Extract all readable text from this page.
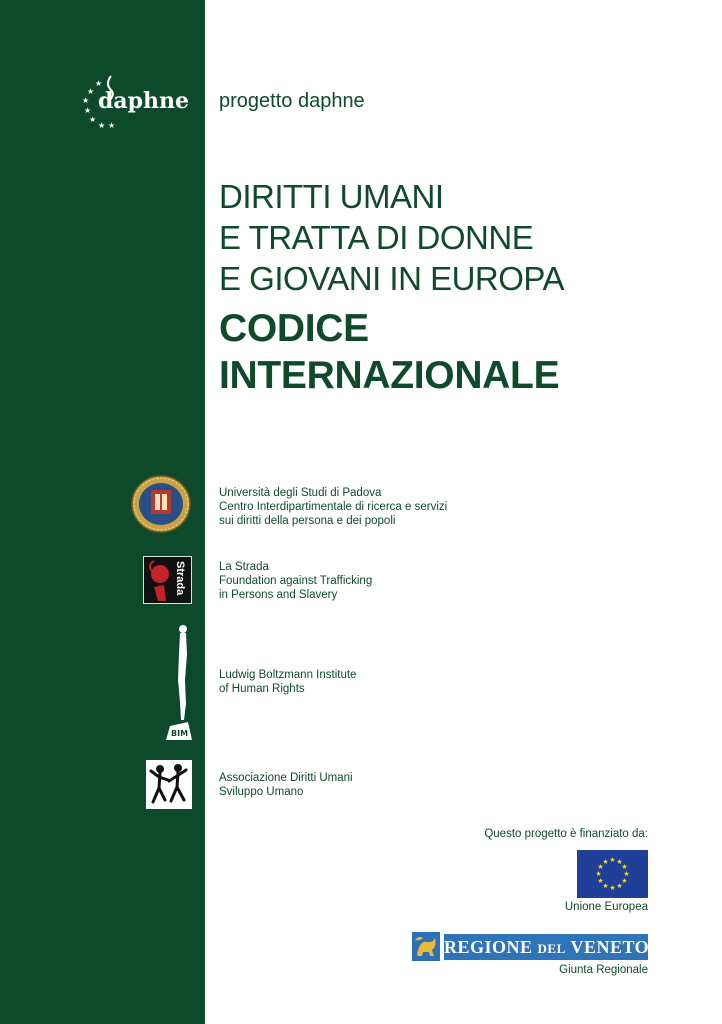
★
★
★
★
★
★ ★
daphne progetto daphne
DIRITTI UMANI
E TRATTA DI DONNE
E GIOVANI IN EUROPA
CODICE
INTERNAZIONALE
Università degli Studi di Padova
Centro Interdipartimentale di ricerca e servizi
sui diritti della persona e dei popoli
Strada	La Strada
Foundation against Trafficking
in Persons and Slavery
BIM
Ludwig Boltzmann Institute
of Human Rights
Associazione Diritti Umani
Sviluppo Umano
Questo progetto è finanziato da:
★ ★
★
★
★
★
★
★
★
★
★
★
Unione Europea
REGIONE DEL VENETO
Giunta Regionale
